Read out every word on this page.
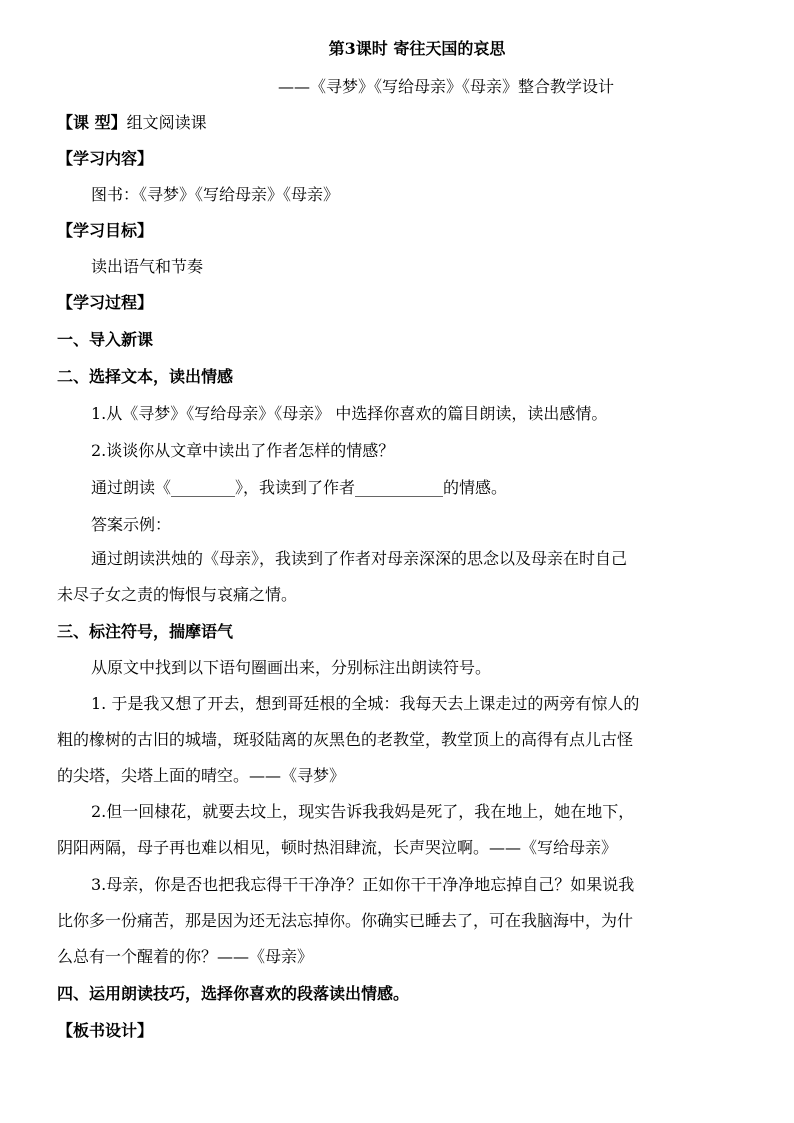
第3课时 寄往天国的哀思
——《寻梦》《写给母亲》《母亲》整合教学设计
【课 型】组文阅读课
【学习内容】
图书：《寻梦》《写给母亲》《母亲》
【学习目标】
读出语气和节奏
【学习过程】
一、导入新课
二、选择文本，读出情感
1.从《寻梦》《写给母亲》《母亲》 中选择你喜欢的篇目朗读，读出感情。
2.谈谈你从文章中读出了作者怎样的情感？
通过朗读《________》，我读到了作者___________的情感。
答案示例：
通过朗读洪烛的《母亲》，我读到了作者对母亲深深的思念以及母亲在时自己
未尽子女之责的悔恨与哀痛之情。
三、标注符号，揣摩语气
从原文中找到以下语句圈画出来，分别标注出朗读符号。
1. 于是我又想了开去，想到哥廷根的全城：我每天去上课走过的两旁有惊人的
粗的橡树的古旧的城墙，斑驳陆离的灰黑色的老教堂，教堂顶上的高得有点儿古怪
的尖塔，尖塔上面的晴空。——《寻梦》
2.但一回棣花，就要去坟上，现实告诉我我妈是死了，我在地上，她在地下，
阴阳两隔，母子再也难以相见，顿时热泪肆流，长声哭泣啊。——《写给母亲》
3.母亲，你是否也把我忘得干干净净？正如你干干净净地忘掉自己？如果说我
比你多一份痛苦，那是因为还无法忘掉你。你确实已睡去了，可在我脑海中，为什
么总有一个醒着的你？——《母亲》
四、运用朗读技巧，选择你喜欢的段落读出情感。
【板书设计】
